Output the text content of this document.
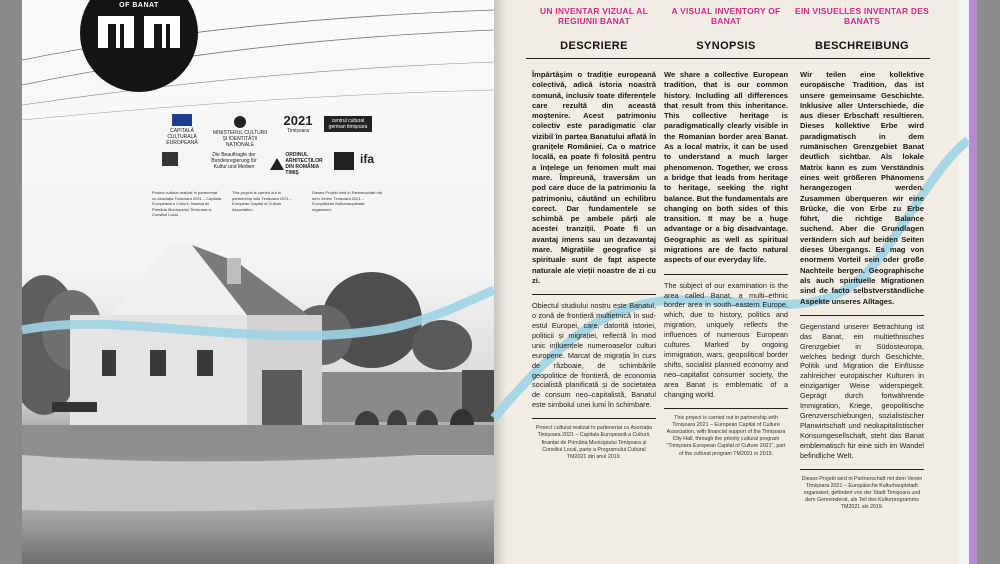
OF BANAT
CAPITALĂ CULTURALĂ EUROPEANĂ
MINISTERUL CULTURII ȘI IDENTITĂȚII NAȚIONALE
2021
Timișoara
centrul cultural german timișoara
Die Beauftragte der Bundesregierung für Kultur und Medien
ORDINUL ARHITECȚILOR DIN ROMÂNIA TIMIȘ
ifa
Proiect cultural realizat în parteneriat cu Asociația Timișoara 2021 – Capitala Europeană a Culturii, finanțat de Primăria Municipiului Timișoara și Consiliul Local.
This project is carried out in partnership with Timișoara 2021 – European Capital of Culture Association.
Dieses Projekt wird in Partnerschaft mit dem Verein Timișoara 2021 – Europäische Kulturhauptstadt organisiert.
UN INVENTAR VIZUAL AL REGIUNII BANAT
DESCRIERE
A VISUAL INVENTORY OF BANAT
SYNOPSIS
EIN VISUELLES INVENTAR DES BANATS
BESCHREIBUNG
Împărtășim o tradiție europeană colectivă, adică istoria noastră comună, inclusiv toate diferențele care rezultă din această moștenire. Acest patrimoniu colectiv este paradigmatic clar vizibil în partea Banatului aflată în granițele României. Ca o matrice locală, ea poate fi folosită pentru a înțelege un fenomen mult mai mare. Împreună, traversăm un pod care duce de la patrimoniu la patrimoniu, căutând un echilibru corect. Dar fundamentele se schimbă pe ambele părți ale acestei tranziții. Poate fi un avantaj imens sau un dezavantaj mare. Migrațiile geografice și spirituale sunt de fapt aspecte naturale ale vieții noastre de zi cu zi.
Obiectul studiului nostru este Banatul, o zonă de frontieră multietnică în sud-estul Europei, care, datorită istoriei, politicii și migrației, reflectă în mod unic influențele numeroaselor culturi europene. Marcat de migrația în curs de războaie, de schimbările geopolitice de frontieră, de economia socialistă planificată și de societatea de consum neo–capitalistă, Banatul este simbolul unei lumi în schimbare.
Proiect cultural realizat în parteneriat cu Asociația Timișoara 2021 – Capitala Europeană a Culturii, finanțat de Primăria Municipiului Timișoara și Consiliul Local, parte a Programului Cultural TM2021 din anul 2019.
We share a collective European tradition, that is our common history. Including all differences that result from this inheritance. This collective heritage is paradigmatically clearly visible in the Romanian border area Banat. As a local matrix, it can be used to understand a much larger phenomenon. Together, we cross a bridge that leads from heritage to heritage, seeking the right balance. But the fundamentals are changing on both sides of this transition. It may be a huge advantage or a big disadvantage. Geographic as well as spiritual migrations are de facto natural aspects of our everyday life.
The subject of our examination is the area called Banat, a multi–ethnic border area in south–eastern Europe, which, due to history, politics and migration, uniquely reflects the influences of numerous European cultures. Marked by ongoing immigration, wars, geopolitical border shifts, socialist planned economy and neo–capitalist consumer society, the area Banat is emblematic of a changing world.
This project is carried out in partnership with Timișoara 2021 – European Capital of Culture Association, with financial support of the Timișoara City Hall, through the priority cultural program "Timișoara European Capital of Culture 2021", part of the cultural program TM2021 in 2019.
Wir teilen eine kollektive europäische Tradition, das ist unsere gemeinsame Geschichte. Inklusive aller Unterschiede, die aus dieser Erbschaft resultieren. Dieses kollektive Erbe wird paradigmatisch in dem rumänischen Grenzgebiet Banat deutlich sichtbar. Als lokale Matrix kann es zum Verständnis eines weit größeren Phänomens herangezogen werden. Zusammen überqueren wir eine Brücke, die von Erbe zu Erbe führt, die richtige Balance suchend. Aber die Grundlagen verändern sich auf beiden Seiten dieses Übergangs. Es mag von enormem Vorteil sein oder große Nachteile bergen. Geographische als auch spirituelle Migrationen sind de facto selbstverständliche Aspekte unseres Alltages.
Gegenstand unserer Betrachtung ist das Banat, ein multiethnisches Grenzgebiet in Südosteuropa, welches bedingt durch Geschichte, Politik und Migration die Einflüsse zahlreicher europäischer Kulturen in einzigartiger Weise widerspiegelt. Geprägt durch fortwährende Immigration, Kriege, geopolitische Grenzverschiebungen, sozialistischer Planwirtschaft und neokapitalistischer Konsumgesellschaft, steht das Banat emblematisch für eine sich im Wandel befindliche Welt.
Dieses Projekt wird in Partnerschaft mit dem Verein Timișoara 2021 – Europäische Kulturhauptstadt organisiert, gefördert von der Stadt Timișoara und dem Gemeinderat, als Teil des Kulturprogramms TM2021 als 2019.
